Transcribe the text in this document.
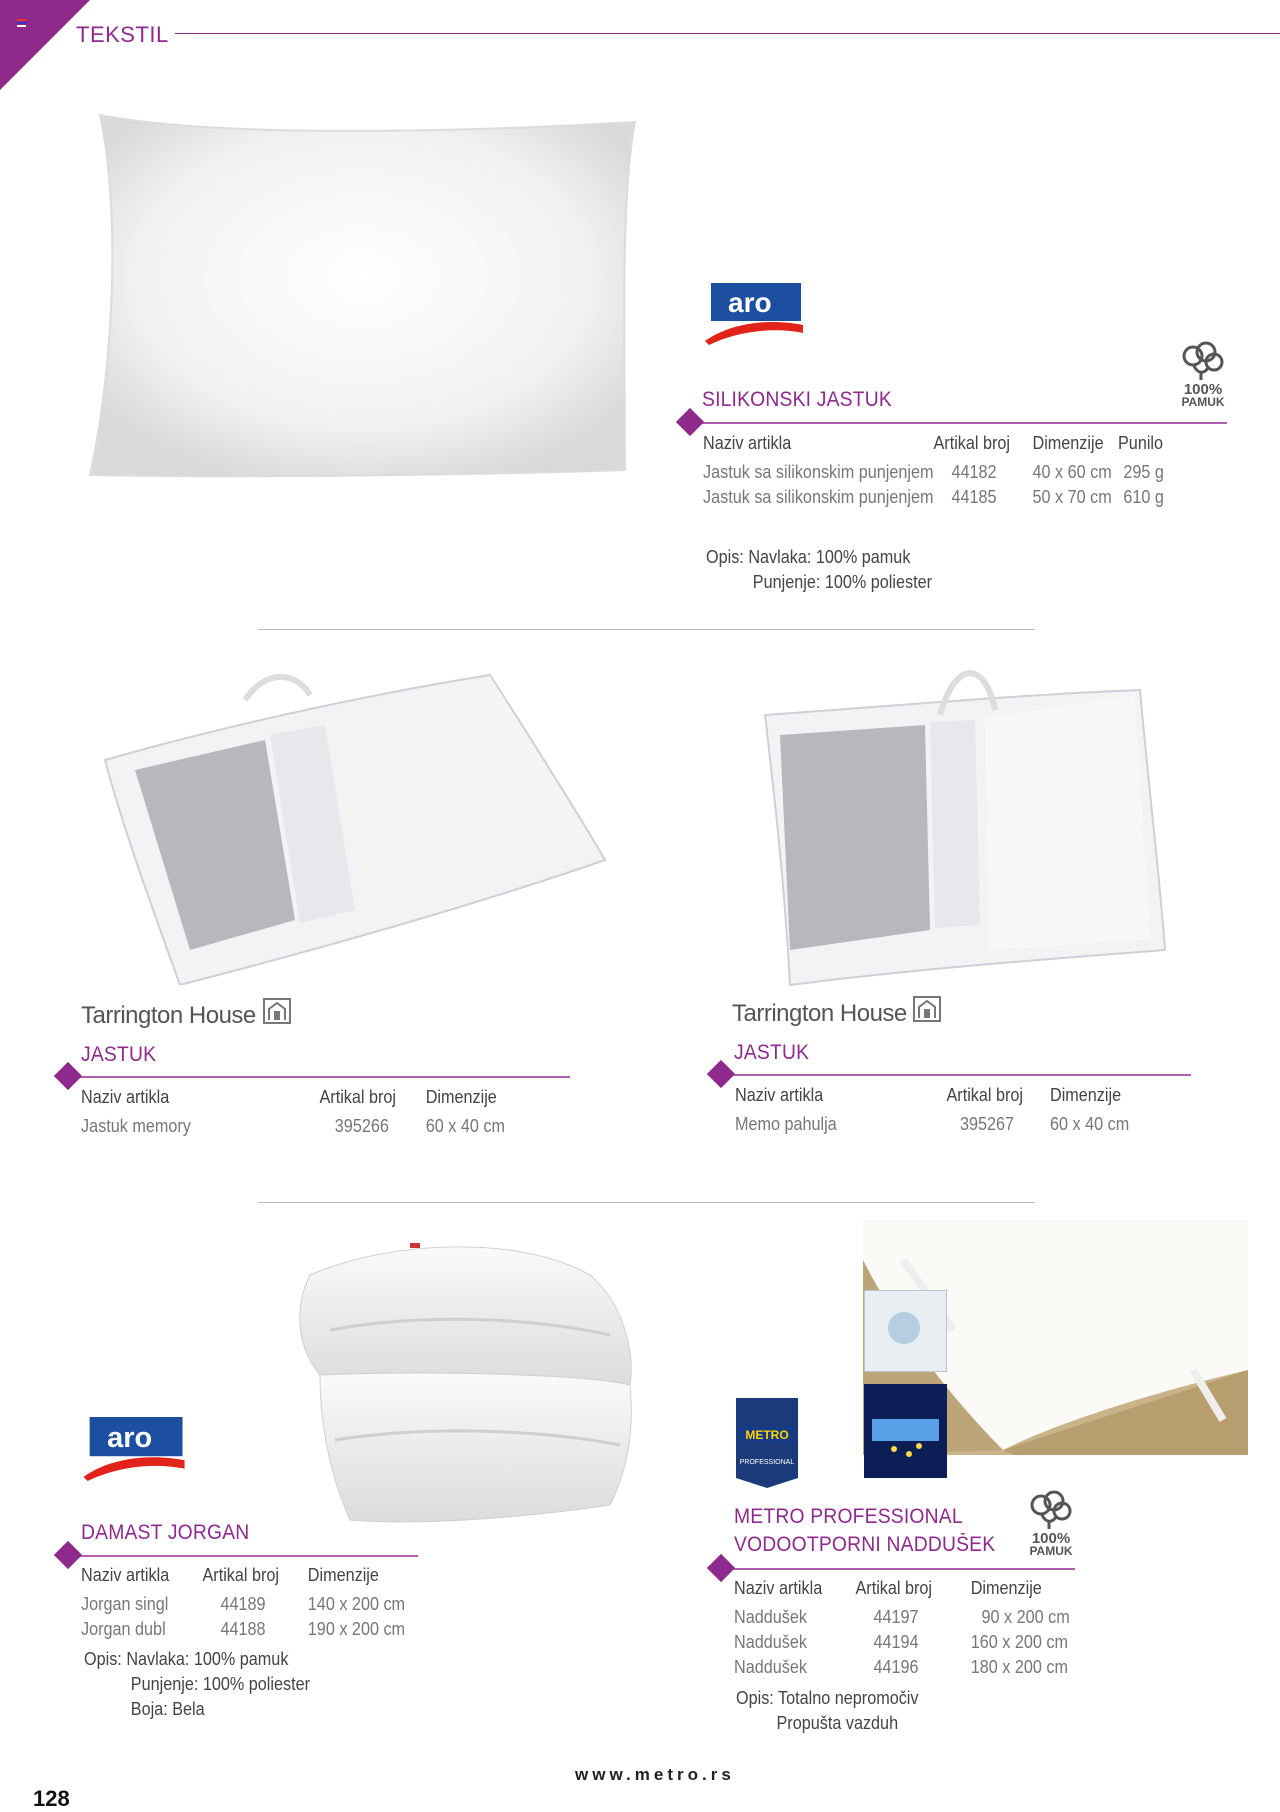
TEKSTIL
aro
100%
PAMUK
SILIKONSKI JASTUK
Naziv artikla	Artikal broj	Dimenzije	Punilo
Jastuk sa silikonskim punjenjem	44182	40 x 60 cm	295 g
Jastuk sa silikonskim punjenjem	44185	50 x 70 cm	610 g
Opis: Navlaka: 100% pamuk
Punjenje: 100% poliester
Tarrington House
JASTUK
Naziv artikla	Artikal broj	Dimenzije
Jastuk memory	395266	60 x 40 cm
Tarrington House
JASTUK
Naziv artikla	Artikal broj	Dimenzije
Memo pahulja	395267	60 x 40 cm
aro
DAMAST JORGAN
Naziv artikla	Artikal broj	Dimenzije
Jorgan singl	44189	140 x 200 cm
Jorgan dubl	44188	190 x 200 cm
Opis: Navlaka: 100% pamuk
Punjenje: 100% poliester
Boja: Bela
METRO
PROFESSIONAL
100%
PAMUK
METRO PROFESSIONAL
VODOOTPORNI NADDUŠEK
Naziv artikla	Artikal broj	Dimenzije
Naddušek	44197	90 x 200 cm
Naddušek	44194	160 x 200 cm
Naddušek	44196	180 x 200 cm
Opis: Totalno nepromočiv
Propušta vazduh
www.metro.rs
128
